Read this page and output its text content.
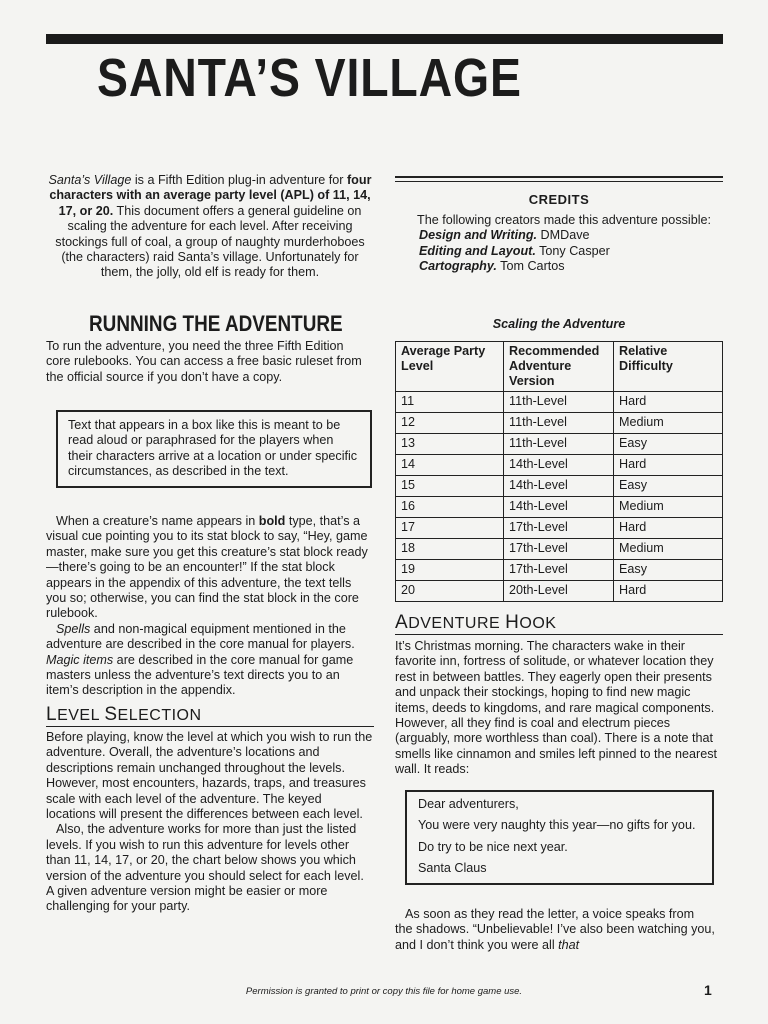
SANTA’S VILLAGE
Santa’s Village is a Fifth Edition plug-in adventure for four characters with an average party level (APL) of 11, 14, 17, or 20. This document offers a general guideline on scaling the adventure for each level. After receiving stockings full of coal, a group of naughty murderhoboes (the characters) raid Santa’s village. Unfortunately for them, the jolly, old elf is ready for them.
RUNNING THE ADVENTURE

To run the adventure, you need the three Fifth Edition core rulebooks. You can access a free basic ruleset from the official source if you don’t have a copy.

Text that appears in a box like this is meant to be read aloud or paraphrased for the players when their characters arrive at a location or under specific circumstances, as described in the text.

When a creature’s name appears in bold type, that’s a visual cue pointing you to its stat block to say, “Hey, game master, make sure you get this creature’s stat block ready—there’s going to be an encounter!” If the stat block appears in the appendix of this adventure, the text tells you so; otherwise, you can find the stat block in the core rulebook.

Spells and non-magical equipment mentioned in the adventure are described in the core manual for players. Magic items are described in the core manual for game masters unless the adventure’s text directs you to an item’s description in the appendix.

LEVEL SELECTION

Before playing, know the level at which you wish to run the adventure. Overall, the adventure’s locations and descriptions remain unchanged throughout the levels. However, most encounters, hazards, traps, and treasures scale with each level of the adventure. The keyed locations will present the differences between each level.

Also, the adventure works for more than just the listed levels. If you wish to run this adventure for levels other than 11, 14, 17, or 20, the chart below shows you which version of the adventure you should select for each level. A given adventure version might be easier or more challenging for your party.

CREDITS
The following creators made this adventure possible:
Design and Writing. DMDave
Editing and Layout. Tony Casper
Cartography. Tom Cartos
Scaling the Adventure
Average Party Level	Recommended Adventure Version	Relative Difficulty
11	11th-Level	Hard
12	11th-Level	Medium
13	11th-Level	Easy
14	14th-Level	Hard
15	14th-Level	Easy
16	14th-Level	Medium
17	17th-Level	Hard
18	17th-Level	Medium
19	17th-Level	Easy
20	20th-Level	Hard
ADVENTURE HOOK

It’s Christmas morning. The characters wake in their favorite inn, fortress of solitude, or whatever location they rest in between battles. They eagerly open their presents and unpack their stockings, hoping to find new magic items, deeds to kingdoms, and rare magical components. However, all they find is coal and electrum pieces (arguably, more worthless than coal). There is a note that smells like cinnamon and smiles left pinned to the nearest wall. It reads:

Dear adventurers,

You were very naughty this year—no gifts for you.

Do try to be nice next year.

Santa Claus

As soon as they read the letter, a voice speaks from the shadows. “Unbelievable! I’ve also been watching you, and I don’t think you were all that

Permission is granted to print or copy this file for home game use.	1
